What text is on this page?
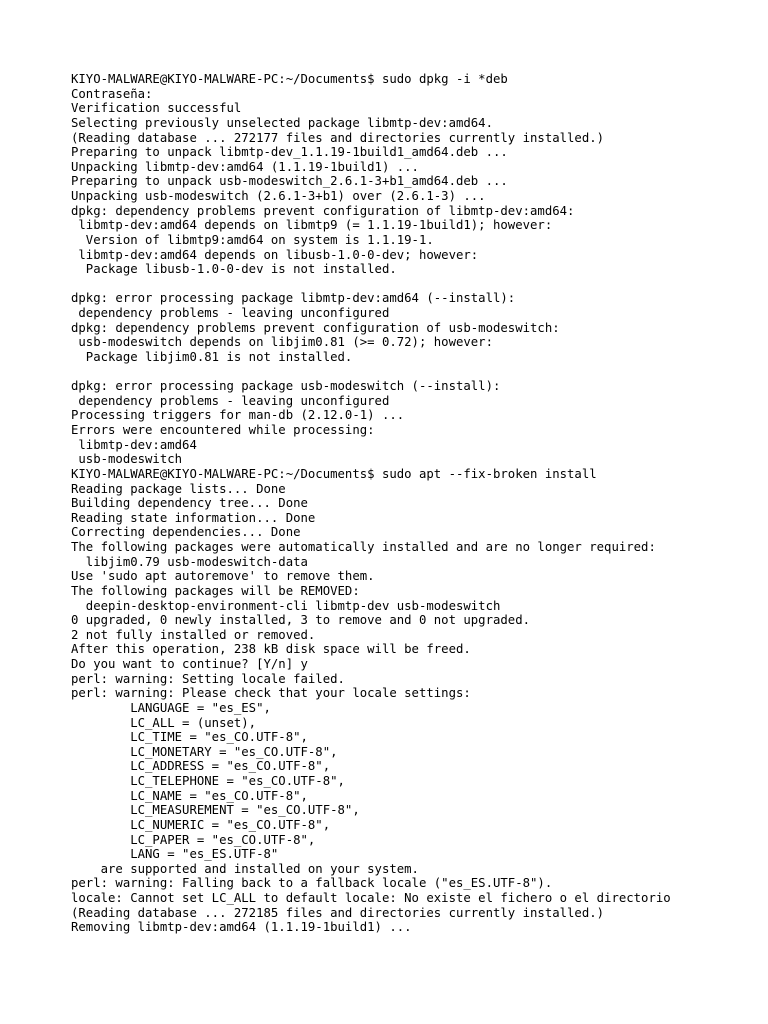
KIYO-MALWARE@KIYO-MALWARE-PC:~/Documents$ sudo dpkg -i *deb
Contraseña:
Verification successful
Selecting previously unselected package libmtp-dev:amd64.
(Reading database ... 272177 files and directories currently installed.)
Preparing to unpack libmtp-dev_1.1.19-1build1_amd64.deb ...
Unpacking libmtp-dev:amd64 (1.1.19-1build1) ...
Preparing to unpack usb-modeswitch_2.6.1-3+b1_amd64.deb ...
Unpacking usb-modeswitch (2.6.1-3+b1) over (2.6.1-3) ...
dpkg: dependency problems prevent configuration of libmtp-dev:amd64:
libmtp-dev:amd64 depends on libmtp9 (= 1.1.19-1build1); however:
Version of libmtp9:amd64 on system is 1.1.19-1.
libmtp-dev:amd64 depends on libusb-1.0-0-dev; however:
Package libusb-1.0-0-dev is not installed.
dpkg: error processing package libmtp-dev:amd64 (--install):
dependency problems - leaving unconfigured
dpkg: dependency problems prevent configuration of usb-modeswitch:
usb-modeswitch depends on libjim0.81 (>= 0.72); however:
Package libjim0.81 is not installed.
dpkg: error processing package usb-modeswitch (--install):
dependency problems - leaving unconfigured
Processing triggers for man-db (2.12.0-1) ...
Errors were encountered while processing:
libmtp-dev:amd64
usb-modeswitch
KIYO-MALWARE@KIYO-MALWARE-PC:~/Documents$ sudo apt --fix-broken install
Reading package lists... Done
Building dependency tree... Done
Reading state information... Done
Correcting dependencies... Done
The following packages were automatically installed and are no longer required:
libjim0.79 usb-modeswitch-data
Use 'sudo apt autoremove' to remove them.
The following packages will be REMOVED:
deepin-desktop-environment-cli libmtp-dev usb-modeswitch
0 upgraded, 0 newly installed, 3 to remove and 0 not upgraded.
2 not fully installed or removed.
After this operation, 238 kB disk space will be freed.
Do you want to continue? [Y/n] y
perl: warning: Setting locale failed.
perl: warning: Please check that your locale settings:
LANGUAGE = "es_ES",
LC_ALL = (unset),
LC_TIME = "es_CO.UTF-8",
LC_MONETARY = "es_CO.UTF-8",
LC_ADDRESS = "es_CO.UTF-8",
LC_TELEPHONE = "es_CO.UTF-8",
LC_NAME = "es_CO.UTF-8",
LC_MEASUREMENT = "es_CO.UTF-8",
LC_NUMERIC = "es_CO.UTF-8",
LC_PAPER = "es_CO.UTF-8",
LANG = "es_ES.UTF-8"
are supported and installed on your system.
perl: warning: Falling back to a fallback locale ("es_ES.UTF-8").
locale: Cannot set LC_ALL to default locale: No existe el fichero o el directorio
(Reading database ... 272185 files and directories currently installed.)
Removing libmtp-dev:amd64 (1.1.19-1build1) ...
